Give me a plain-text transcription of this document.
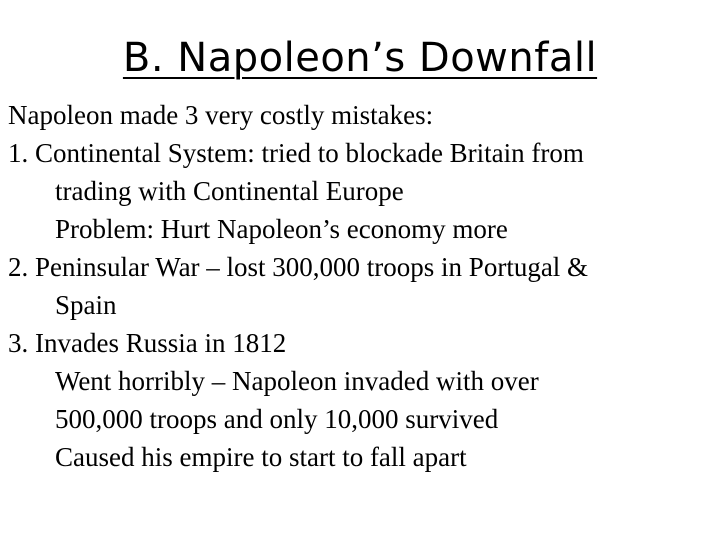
B. Napoleon’s Downfall

Napoleon made 3 very costly mistakes:

1. Continental System: tried to blockade Britain from

trading with Continental Europe

Problem: Hurt Napoleon’s economy more

2. Peninsular War – lost 300,000 troops in Portugal &

Spain

3. Invades Russia in 1812

Went horribly – Napoleon invaded with over

500,000 troops and only 10,000 survived

Caused his empire to start to fall apart
